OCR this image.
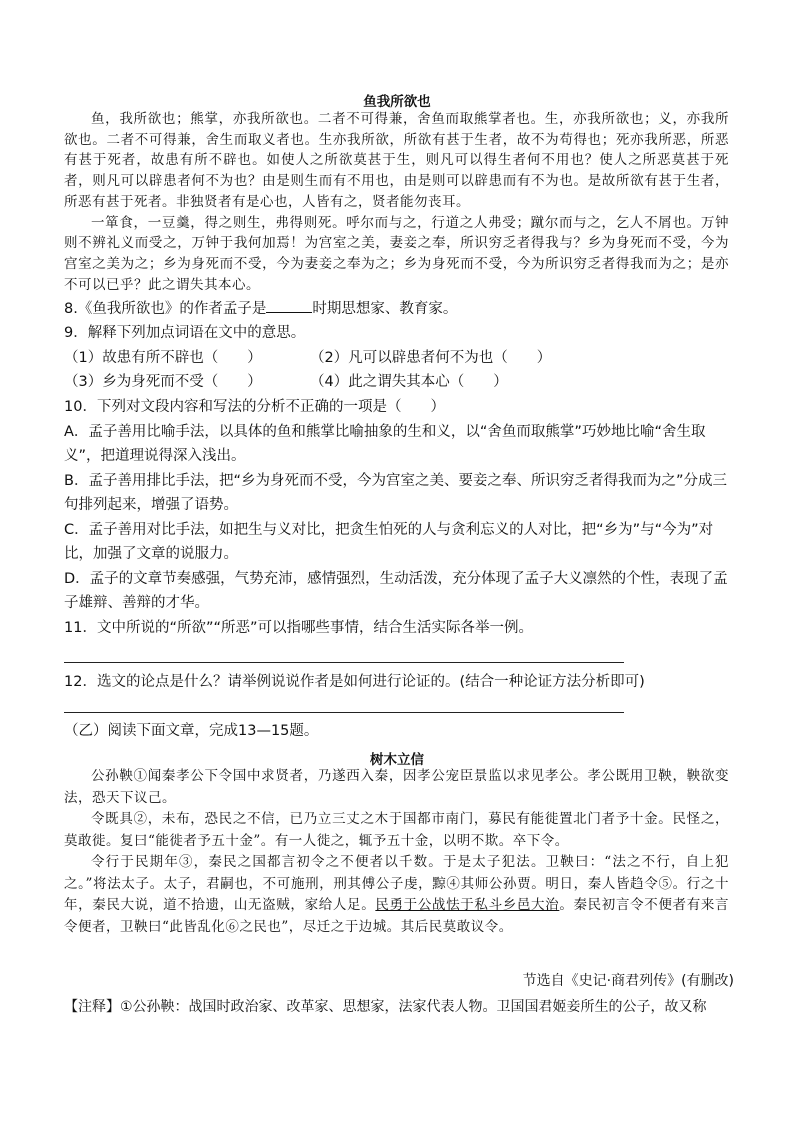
鱼我所欲也

鱼，我所欲也；熊掌，亦我所欲也。二者不可得兼，舍鱼而取熊掌者也。生，亦我所欲也；义，亦我所欲也。二者不可得兼，舍生而取义者也。生亦我所欲，所欲有甚于生者，故不为苟得也；死亦我所恶，所恶有甚于死者，故患有所不辟也。如使人之所欲莫甚于生，则凡可以得生者何不用也？使人之所恶莫甚于死者，则凡可以辟患者何不为也？由是则生而有不用也，由是则可以辟患而有不为也。是故所欲有甚于生者，所恶有甚于死者。非独贤者有是心也，人皆有之，贤者能勿丧耳。

一箪食，一豆羹，得之则生，弗得则死。呼尔而与之，行道之人弗受；蹴尔而与之，乞人不屑也。万钟则不辨礼义而受之，万钟于我何加焉！为宫室之美，妻妾之奉，所识穷乏者得我与？乡为身死而不受，今为宫室之美为之；乡为身死而不受，今为妻妾之奉为之；乡为身死而不受，今为所识穷乏者得我而为之；是亦不可以已乎？此之谓失其本心。

8.《鱼我所欲也》的作者孟子是	时期思想家、教育家。

9．解释下列加点词语在文中的意思。

（1）故患有所不辟也（　　）	（2）凡可以辟患者何不为也（　　）

（3）乡为身死而不受（　　）	（4）此之谓失其本心（　　）

10．下列对文段内容和写法的分析不正确的一项是（　　）

A．孟子善用比喻手法，以具体的鱼和熊掌比喻抽象的生和义，以“舍鱼而取熊掌”巧妙地比喻“舍生取义”，把道理说得深入浅出。

B．孟子善用排比手法，把“乡为身死而不受，今为宫室之美、要妾之奉、所识穷乏者得我而为之”分成三句排列起来，增强了语势。

C．孟子善用对比手法，如把生与义对比，把贪生怕死的人与贪利忘义的人对比，把“乡为”与“今为”对比，加强了文章的说服力。

D．孟子的文章节奏感强，气势充沛，感情强烈，生动活泼，充分体现了孟子大义凛然的个性，表现了孟子雄辩、善辩的才华。

11．文中所说的“所欲”“所恶”可以指哪些事情，结合生活实际各举一例。

12．选文的论点是什么？请举例说说作者是如何进行论证的。(结合一种论证方法分析即可)

（乙）阅读下面文章，完成13—15题。

树木立信

公孙鞅①闻秦孝公下令国中求贤者，乃遂西入秦，因孝公宠臣景监以求见孝公。孝公既用卫鞅，鞅欲变法，恐天下议己。

令既具②，未布，恐民之不信，已乃立三丈之木于国都市南门，募民有能徙置北门者予十金。民怪之，莫敢徙。复曰“能徙者予五十金”。有一人徙之，辄予五十金，以明不欺。卒下令。

令行于民期年③，秦民之国都言初令之不便者以千数。于是太子犯法。卫鞅曰：“法之不行，自上犯之。”将法太子。太子，君嗣也，不可施刑，刑其傅公子虔，黥④其师公孙贾。明日，秦人皆趋令⑤。行之十年，秦民大说，道不拾遗，山无盗贼，家给人足。民勇于公战怯于私斗乡邑大治。秦民初言令不便者有来言令便者，卫鞅曰“此皆乱化⑥之民也”，尽迁之于边城。其后民莫敢议令。

节选自《史记·商君列传》(有删改)
【注释】①公孙鞅：战国时政治家、改革家、思想家，法家代表人物。卫国国君姬妾所生的公子，故又称
